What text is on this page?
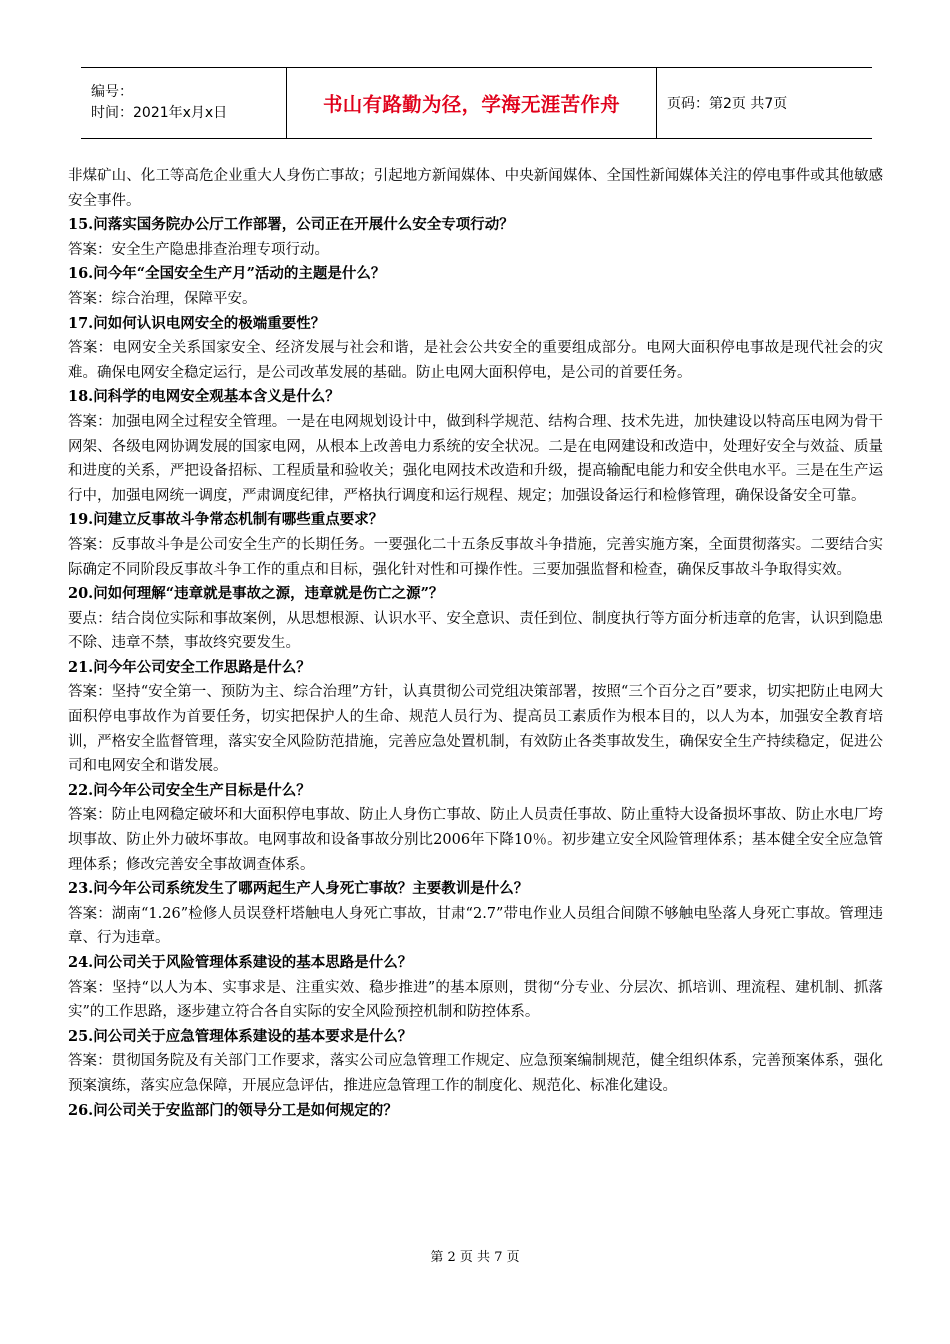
编号：
时间：2021年x月x日	书山有路勤为径，学海无涯苦作舟	页码：第2页 共7页

非煤矿山、化工等高危企业重大人身伤亡事故；引起地方新闻媒体、中央新闻媒体、全国性新闻媒体关注的停电事件或其他敏感安全事件。

15.问落实国务院办公厅工作部署，公司正在开展什么安全专项行动？

答案：安全生产隐患排查治理专项行动。

16.问今年“全国安全生产月”活动的主题是什么？

答案：综合治理，保障平安。

17.问如何认识电网安全的极端重要性？

答案：电网安全关系国家安全、经济发展与社会和谐，是社会公共安全的重要组成部分。电网大面积停电事故是现代社会的灾难。确保电网安全稳定运行，是公司改革发展的基础。防止电网大面积停电，是公司的首要任务。

18.问科学的电网安全观基本含义是什么？

答案：加强电网全过程安全管理。一是在电网规划设计中，做到科学规范、结构合理、技术先进，加快建设以特高压电网为骨干网架、各级电网协调发展的国家电网，从根本上改善电力系统的安全状况。二是在电网建设和改造中，处理好安全与效益、质量和进度的关系，严把设备招标、工程质量和验收关；强化电网技术改造和升级，提高输配电能力和安全供电水平。三是在生产运行中，加强电网统一调度，严肃调度纪律，严格执行调度和运行规程、规定；加强设备运行和检修管理，确保设备安全可靠。

19.问建立反事故斗争常态机制有哪些重点要求？

答案：反事故斗争是公司安全生产的长期任务。一要强化二十五条反事故斗争措施，完善实施方案，全面贯彻落实。二要结合实际确定不同阶段反事故斗争工作的重点和目标，强化针对性和可操作性。三要加强监督和检查，确保反事故斗争取得实效。

20.问如何理解“违章就是事故之源，违章就是伤亡之源”？

要点：结合岗位实际和事故案例，从思想根源、认识水平、安全意识、责任到位、制度执行等方面分析违章的危害，认识到隐患不除、违章不禁，事故终究要发生。

21.问今年公司安全工作思路是什么？

答案：坚持“安全第一、预防为主、综合治理”方针，认真贯彻公司党组决策部署，按照“三个百分之百”要求，切实把防止电网大面积停电事故作为首要任务，切实把保护人的生命、规范人员行为、提高员工素质作为根本目的，以人为本，加强安全教育培训，严格安全监督管理，落实安全风险防范措施，完善应急处置机制，有效防止各类事故发生，确保安全生产持续稳定，促进公司和电网安全和谐发展。

22.问今年公司安全生产目标是什么？

答案：防止电网稳定破坏和大面积停电事故、防止人身伤亡事故、防止人员责任事故、防止重特大设备损坏事故、防止水电厂垮坝事故、防止外力破坏事故。电网事故和设备事故分别比2006年下降10％。初步建立安全风险管理体系；基本健全安全应急管理体系；修改完善安全事故调查体系。

23.问今年公司系统发生了哪两起生产人身死亡事故？主要教训是什么？

答案：湖南“1.26”检修人员误登杆塔触电人身死亡事故，甘肃“2.7”带电作业人员组合间隙不够触电坠落人身死亡事故。管理违章、行为违章。

24.问公司关于风险管理体系建设的基本思路是什么？

答案：坚持“以人为本、实事求是、注重实效、稳步推进”的基本原则，贯彻“分专业、分层次、抓培训、理流程、建机制、抓落实”的工作思路，逐步建立符合各自实际的安全风险预控机制和防控体系。

25.问公司关于应急管理体系建设的基本要求是什么？

答案：贯彻国务院及有关部门工作要求，落实公司应急管理工作规定、应急预案编制规范，健全组织体系，完善预案体系，强化预案演练，落实应急保障，开展应急评估，推进应急管理工作的制度化、规范化、标准化建设。

26.问公司关于安监部门的领导分工是如何规定的？

第 2 页 共 7 页
